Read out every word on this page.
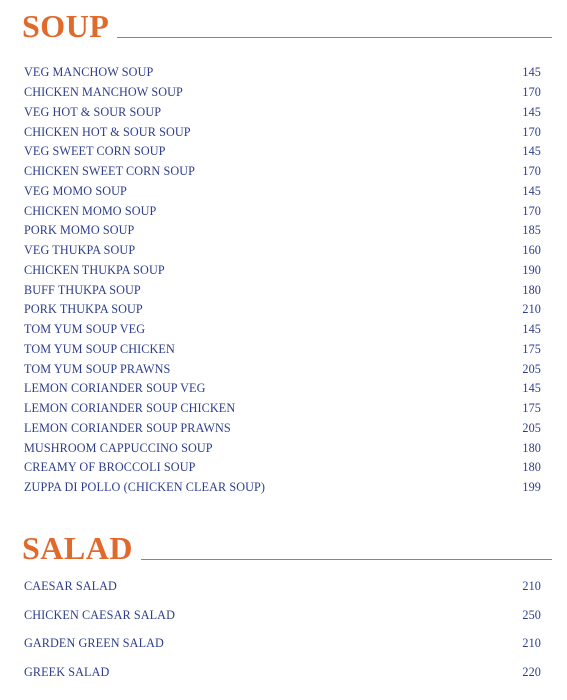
SOUP
VEG MANCHOW SOUP	145
CHICKEN MANCHOW SOUP	170
VEG HOT & SOUR SOUP	145
CHICKEN HOT & SOUR SOUP	170
VEG SWEET CORN SOUP	145
CHICKEN SWEET CORN SOUP	170
VEG MOMO SOUP	145
CHICKEN MOMO SOUP	170
PORK MOMO SOUP	185
VEG THUKPA SOUP	160
CHICKEN THUKPA SOUP	190
BUFF THUKPA SOUP	180
PORK THUKPA SOUP	210
TOM YUM SOUP VEG	145
TOM YUM SOUP CHICKEN	175
TOM YUM SOUP PRAWNS	205
LEMON CORIANDER SOUP VEG	145
LEMON CORIANDER SOUP CHICKEN	175
LEMON CORIANDER SOUP PRAWNS	205
MUSHROOM CAPPUCCINO SOUP	180
CREAMY OF BROCCOLI SOUP	180
ZUPPA DI POLLO (CHICKEN CLEAR SOUP)	199
SALAD
CAESAR SALAD	210
CHICKEN CAESAR SALAD	250
GARDEN GREEN SALAD	210
GREEK SALAD	220
